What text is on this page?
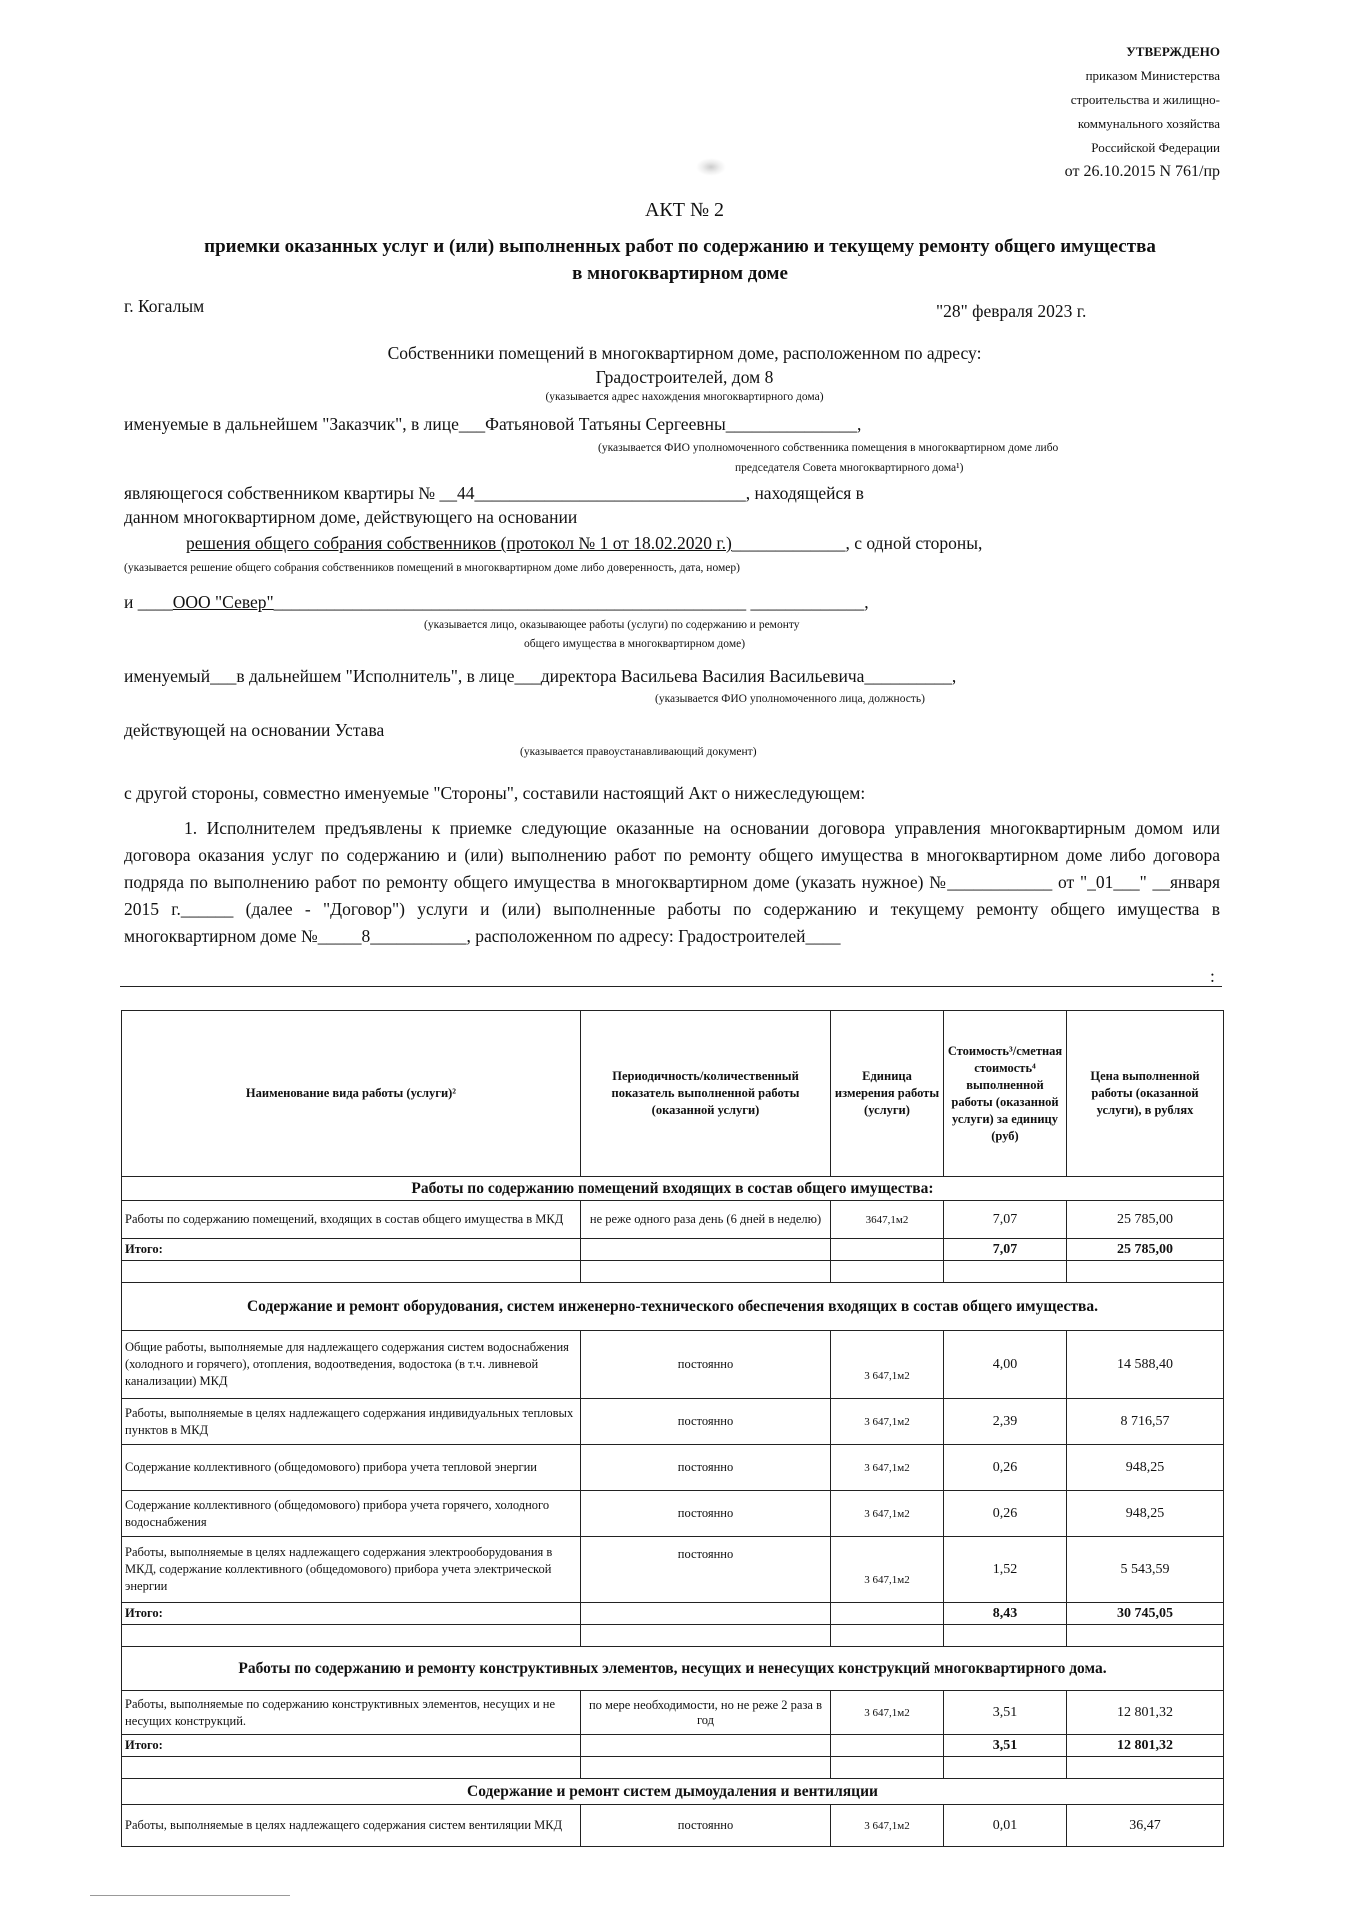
УТВЕРЖДЕНО
приказом Министерства
строительства и жилищно-
коммунального хозяйства
Российской Федерации
от 26.10.2015 N 761/пр
АКТ № 2
приемки оказанных услуг и (или) выполненных работ по содержанию и текущему ремонту общего имущества
в многоквартирном доме
г. Когалым	"28" февраля 2023 г.
Собственники помещений в многоквартирном доме, расположенном по адресу:
Градостроителей, дом 8
(указывается адрес нахождения многоквартирного дома)
именуемые в дальнейшем "Заказчик", в лице___Фатьяновой Татьяны Сергеевны_______________,
(указывается ФИО уполномоченного собственника помещения в многоквартирном доме либо
председателя Совета многоквартирного дома¹)
являющегося собственником квартиры № __44_______________________________, находящейся в
данном многоквартирном доме, действующего на основании
решения общего собрания собственников (протокол № 1 от 18.02.2020 г.)_____________, с одной стороны,
(указывается решение общего собрания собственников помещений в многоквартирном доме либо доверенность, дата, номер)
и ____ООО "Север"______________________________________________________ _____________,
(указывается лицо, оказывающее работы (услуги) по содержанию и ремонту
общего имущества в многоквартирном доме)
именуемый___в дальнейшем "Исполнитель", в лице___директора Васильева Василия Васильевича__________,
(указывается ФИО уполномоченного лица, должность)
действующей на основании Устава
(указывается правоустанавливающий документ)
с другой стороны, совместно именуемые "Стороны", составили настоящий Акт о нижеследующем:
1. Исполнителем предъявлены к приемке следующие оказанные на основании договора управления многоквартирным домом или договора оказания услуг по содержанию и (или) выполнению работ по ремонту общего имущества в многоквартирном доме либо договора подряда по выполнению работ по ремонту общего имущества в многоквартирном доме (указать нужное) №____________ от "_01___" __января 2015 г.______ (далее - "Договор") услуги и (или) выполненные работы по содержанию и текущему ремонту общего имущества в многоквартирном доме №_____8___________, расположенном по адресу: Градостроителей____
:
Наименование вида работы (услуги)²	Периодичность/количественный показатель выполненной работы (оказанной услуги)	Единица измерения работы (услуги)	Стоимость³/сметная стоимость⁴ выполненной работы (оказанной услуги) за единицу (руб)	Цена выполненной работы (оказанной услуги), в рублях
Работы по содержанию помещений входящих в состав общего имущества:				
Работы по содержанию помещений, входящих в состав общего имущества в МКД	не реже одного раза день (6 дней в неделю)	3647,1м2	7,07	25 785,00
Итого:			7,07	25 785,00

Содержание и ремонт оборудования, систем инженерно-технического обеспечения входящих в состав общего имущества.				
Общие работы, выполняемые для надлежащего содержания систем водоснабжения (холодного и горячего), отопления, водоотведения, водостока (в т.ч. ливневой канализации) МКД	постоянно	3 647,1м2	4,00	14 588,40
Работы, выполняемые в целях надлежащего содержания индивидуальных тепловых пунктов в МКД	постоянно	3 647,1м2	2,39	8 716,57
Содержание коллективного (общедомового) прибора учета тепловой энергии	постоянно	3 647,1м2	0,26	948,25
Содержание коллективного (общедомового) прибора учета горячего, холодного водоснабжения	постоянно	3 647,1м2	0,26	948,25
Работы, выполняемые в целях надлежащего содержания электрооборудования в МКД, содержание коллективного (общедомового) прибора учета электрической энергии	постоянно	3 647,1м2	1,52	5 543,59
Итого:			8,43	30 745,05

Работы по содержанию и ремонту конструктивных элементов, несущих и ненесущих конструкций многоквартирного дома.				
Работы, выполняемые по содержанию конструктивных элементов, несущих и не несущих конструкций.	по мере необходимости, но не реже 2 раза в год	3 647,1м2	3,51	12 801,32
Итого:			3,51	12 801,32

Содержание и ремонт систем дымоудаления и вентиляции				
Работы, выполняемые в целях надлежащего содержания систем вентиляции МКД	постоянно	3 647,1м2	0,01	36,47
